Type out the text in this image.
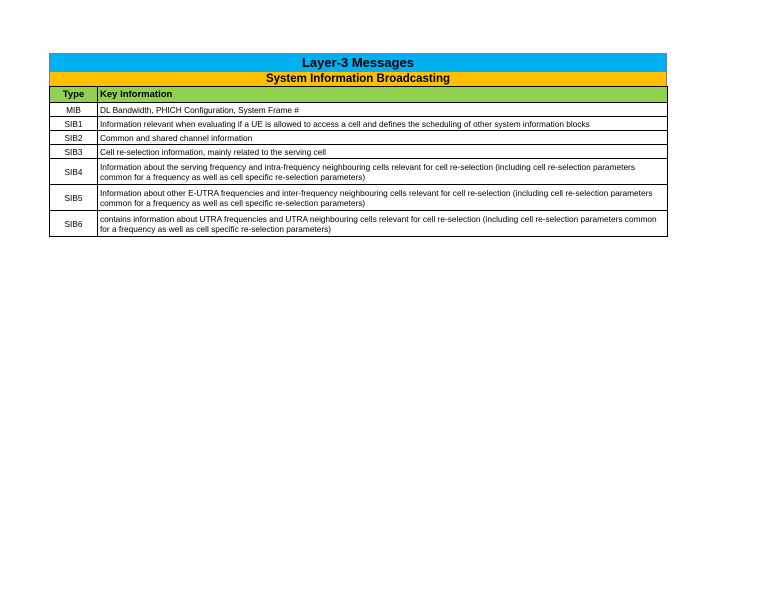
Layer-3 Messages
System Information Broadcasting
Type	Key Information
MIB	DL Bandwidth, PHICH Configuration, System Frame #
SIB1	Information relevant when evaluating if a UE is allowed to access a cell and defines the scheduling of other system information blocks
SIB2	Common and shared channel information
SIB3	Cell re-selection information, mainly related to the serving cell
SIB4	Information about the serving frequency and intra-frequency neighbouring cells relevant for cell re-selection (including cell re-selection parameters common for a frequency as well as cell specific re-selection parameters)
SIB5	Information about other E-UTRA frequencies and inter-frequency neighbouring cells relevant for cell re-selection (including cell re-selection parameters common for a frequency as well as cell specific re-selection parameters)
SIB6	contains information about UTRA frequencies and UTRA neighbouring cells relevant for cell re-selection (including cell re-selection parameters common for a frequency as well as cell specific re-selection parameters)
